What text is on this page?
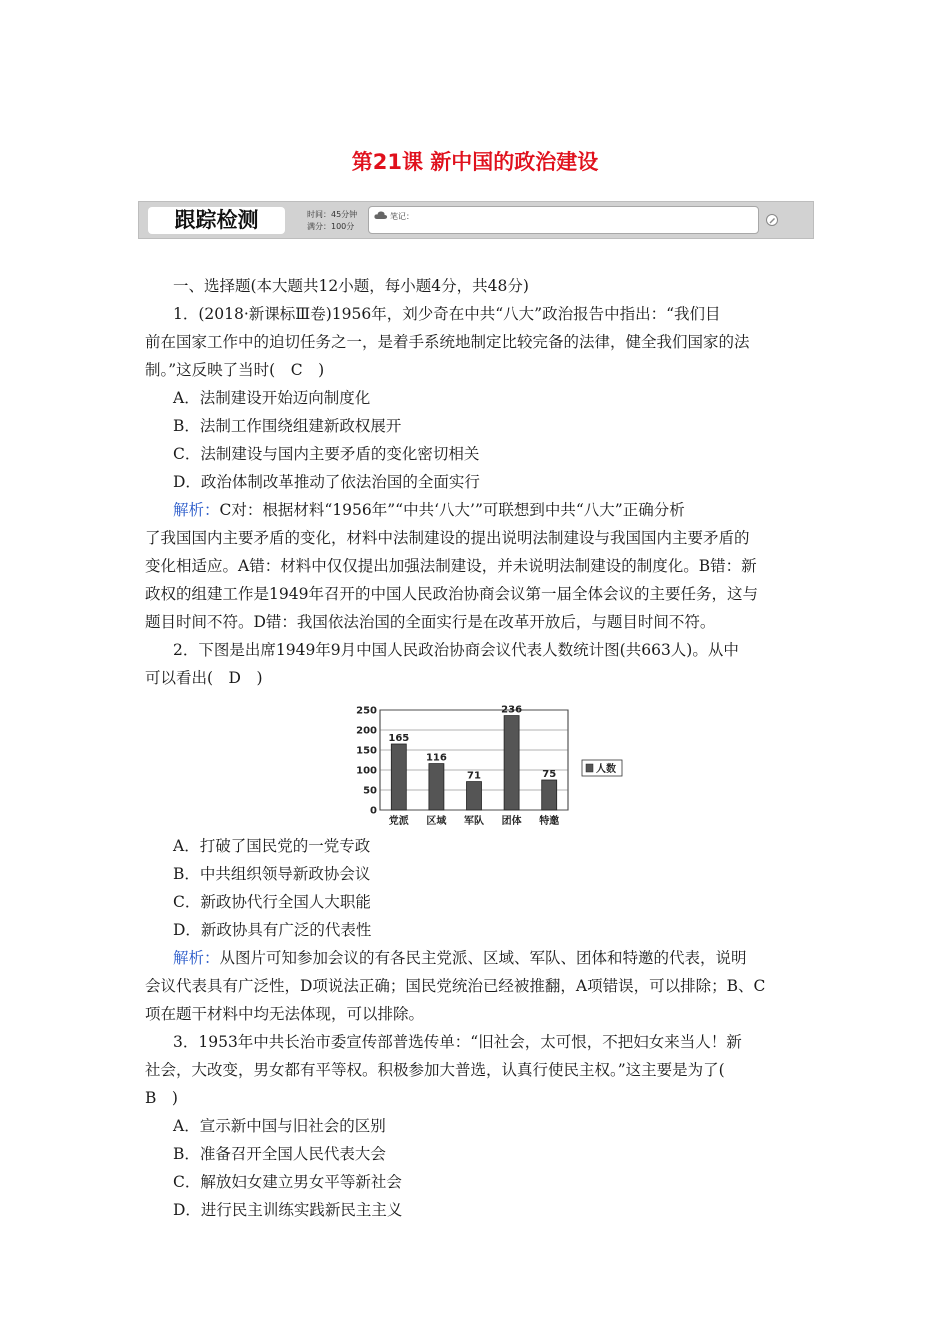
第21课 新中国的政治建设
跟踪检测	时间：45分钟
满分：100分
笔记：
一、选择题(本大题共12小题，每小题4分，共48分)
1．(2018·新课标Ⅲ卷)1956年，刘少奇在中共“八大”政治报告中指出：“我们目
前在国家工作中的迫切任务之一，是着手系统地制定比较完备的法律，健全我们国家的法
制。”这反映了当时(　C　)
A．法制建设开始迈向制度化
B．法制工作围绕组建新政权展开
C．法制建设与国内主要矛盾的变化密切相关
D．政治体制改革推动了依法治国的全面实行
解析：C对：根据材料“1956年”“中共‘八大’”可联想到中共“八大”正确分析
了我国国内主要矛盾的变化，材料中法制建设的提出说明法制建设与我国国内主要矛盾的
变化相适应。A错：材料中仅仅提出加强法制建设，并未说明法制建设的制度化。B错：新
政权的组建工作是1949年召开的中国人民政治协商会议第一届全体会议的主要任务，这与
题目时间不符。D错：我国依法治国的全面实行是在改革开放后，与题目时间不符。
2．下图是出席1949年9月中国人民政治协商会议代表人数统计图(共663人)。从中
可以看出(　D　)
0
50
100
150
200
250
165
党派
116
区域
71
军队
236
团体
75
特邀
人数
A．打破了国民党的一党专政
B．中共组织领导新政协会议
C．新政协代行全国人大职能
D．新政协具有广泛的代表性
解析：从图片可知参加会议的有各民主党派、区域、军队、团体和特邀的代表，说明
会议代表具有广泛性，D项说法正确；国民党统治已经被推翻，A项错误，可以排除；B、C
项在题干材料中均无法体现，可以排除。
3．1953年中共长治市委宣传部普选传单：“旧社会，太可恨，不把妇女来当人！新
社会，大改变，男女都有平等权。积极参加大普选，认真行使民主权。”这主要是为了(
B　)
A．宣示新中国与旧社会的区别
B．准备召开全国人民代表大会
C．解放妇女建立男女平等新社会
D．进行民主训练实践新民主主义
